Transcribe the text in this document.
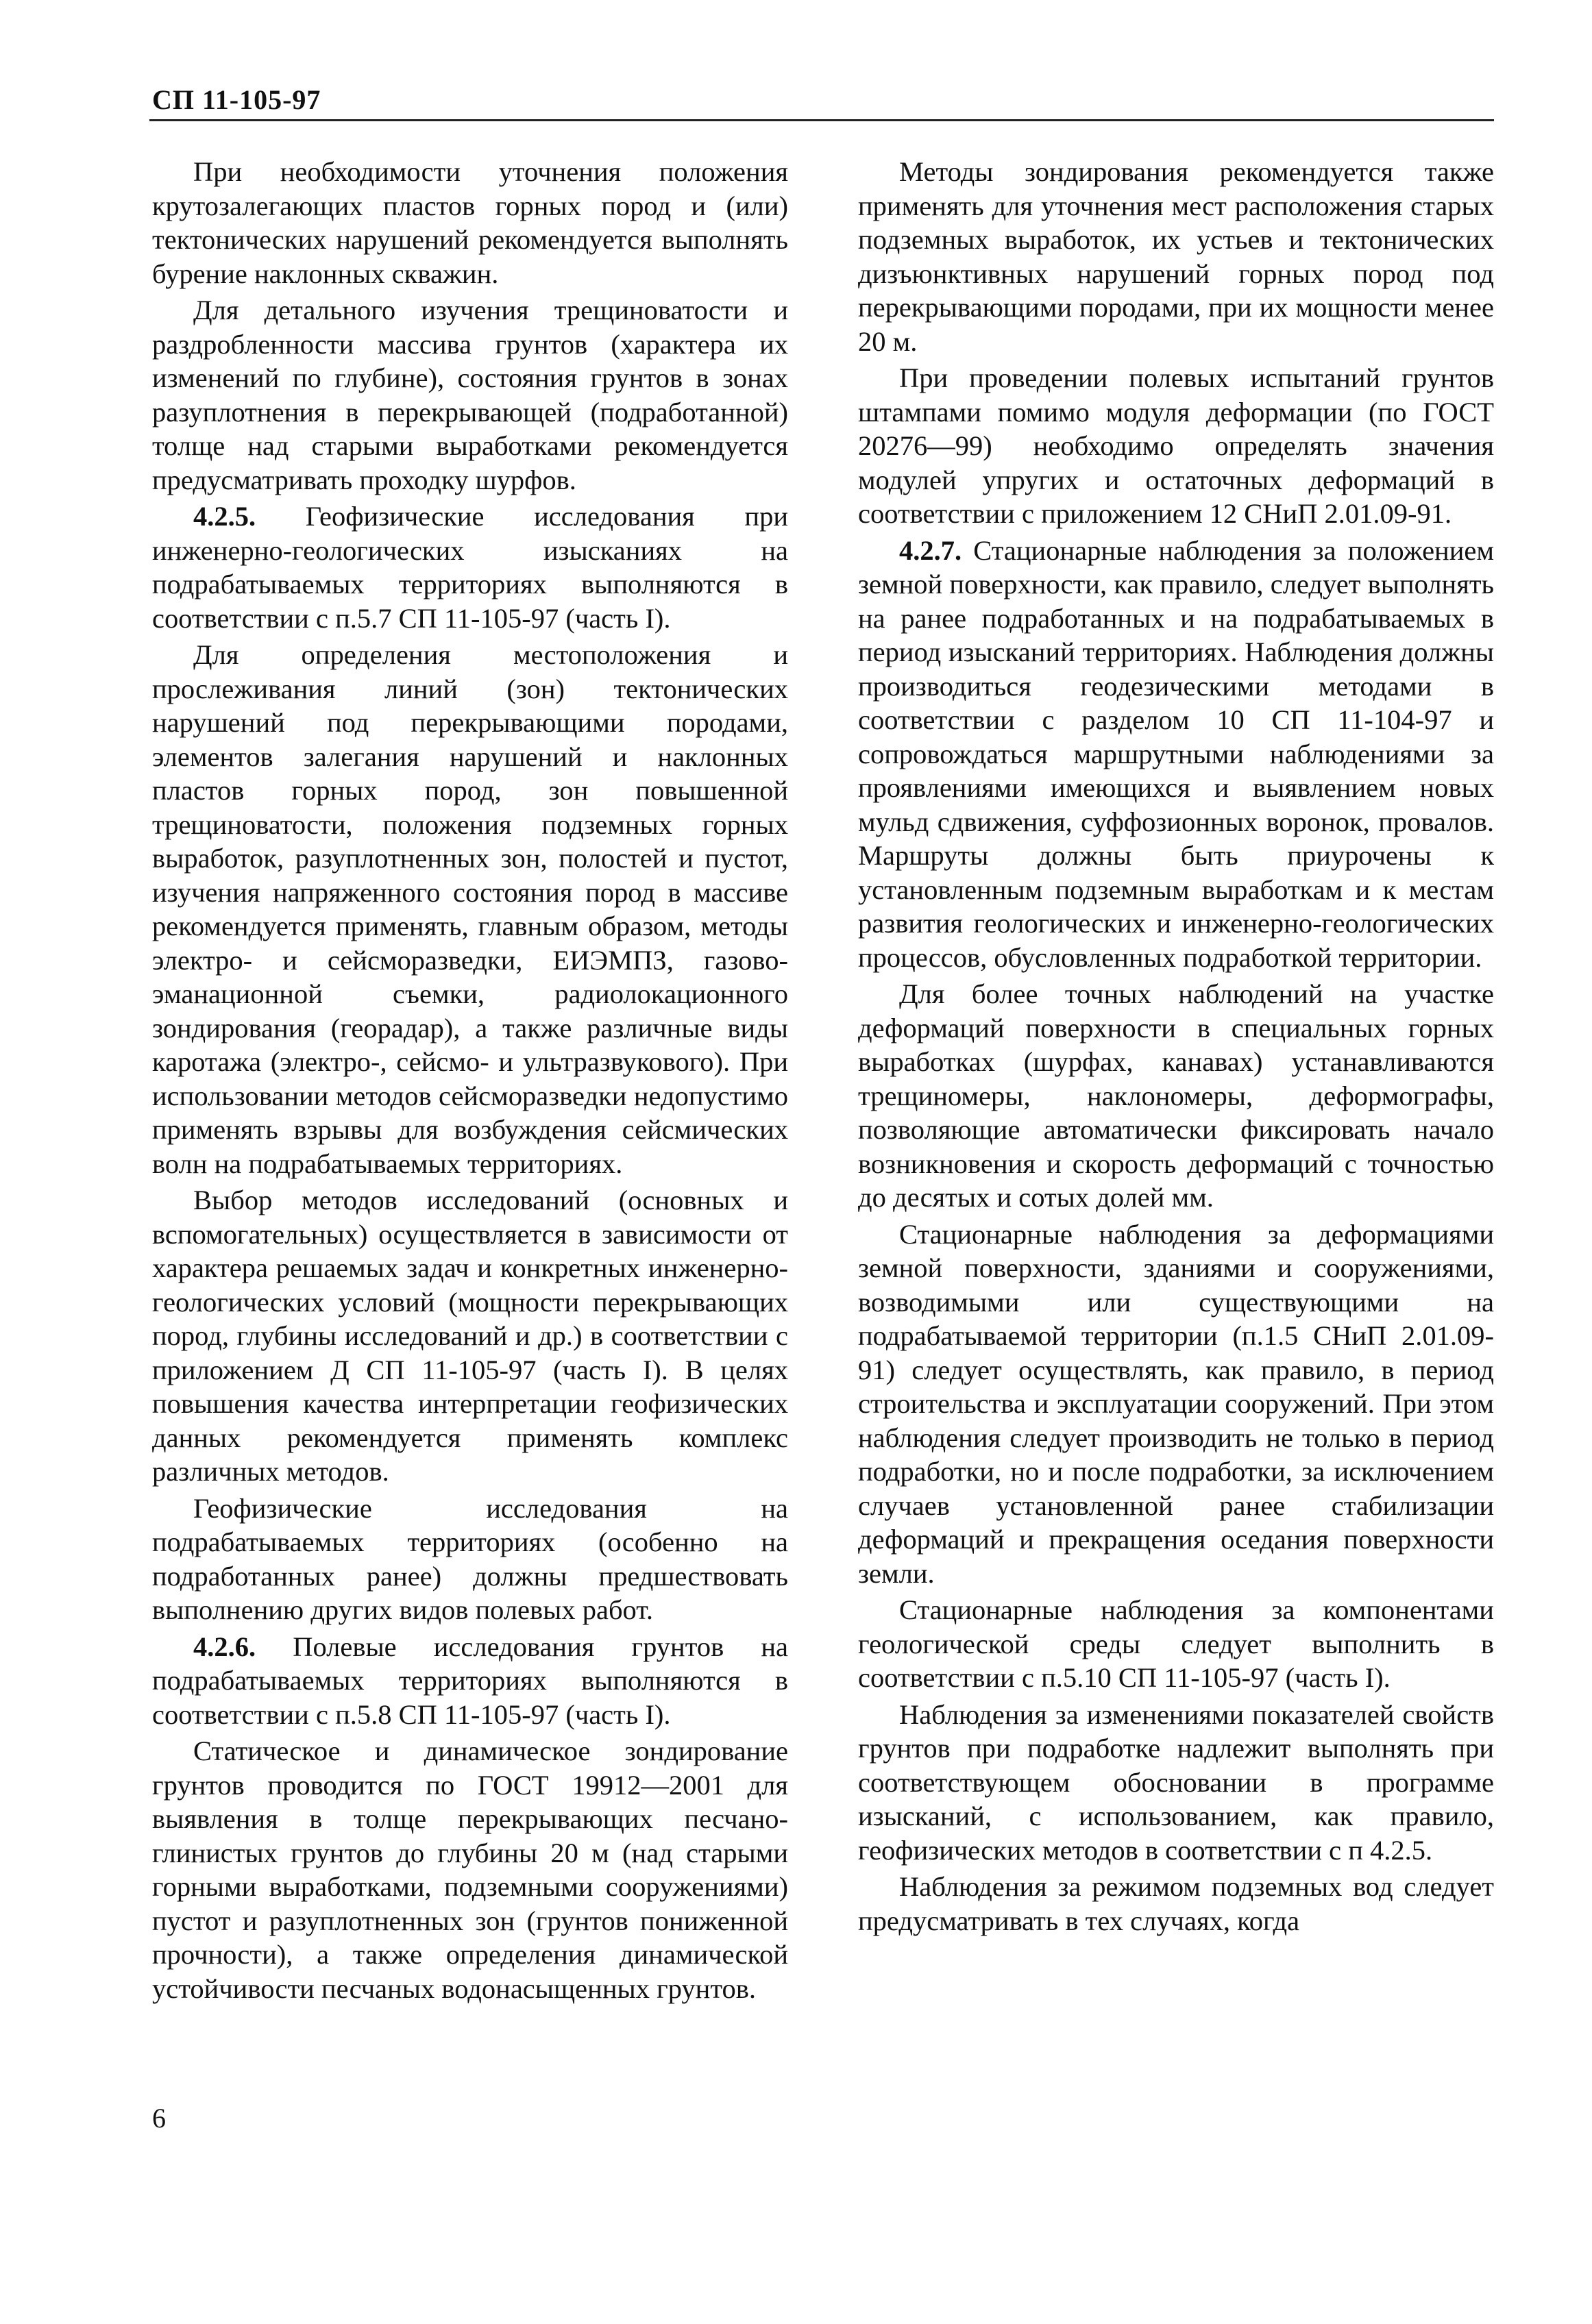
СП 11-105-97

При необходимости уточнения положения крутозалегающих пластов горных пород и (или) тектонических нарушений рекомендуется выполнять бурение наклонных скважин.

Для детального изучения трещиноватости и раздробленности массива грунтов (характера их изменений по глубине), состояния грунтов в зонах разуплотнения в перекрывающей (подработанной) толще над старыми выработками рекомендуется предусматривать проходку шурфов.

4.2.5. Геофизические исследования при инженерно-геологических изысканиях на подрабатываемых территориях выполняются в соответствии с п.5.7 СП 11-105-97 (часть I).

Для определения местоположения и прослеживания линий (зон) тектонических нарушений под перекрывающими породами, элементов залегания нарушений и наклонных пластов горных пород, зон повышенной трещиноватости, положения подземных горных выработок, разуплотненных зон, полостей и пустот, изучения напряженного состояния пород в массиве рекомендуется применять, главным образом, методы электро- и сейсморазведки, ЕИЭМПЗ, газово-эманационной съемки, радиолокационного зондирования (георадар), а также различные виды каротажа (электро-, сейсмо- и ультразвукового). При использовании методов сейсморазведки недопустимо применять взрывы для возбуждения сейсмических волн на подрабатываемых территориях.

Выбор методов исследований (основных и вспомогательных) осуществляется в зависимости от характера решаемых задач и конкретных инженерно-геологических условий (мощности перекрывающих пород, глубины исследований и др.) в соответствии с приложением Д СП 11-105-97 (часть I). В целях повышения качества интерпретации геофизических данных рекомендуется применять комплекс различных методов.

Геофизические исследования на подрабатываемых территориях (особенно на подработанных ранее) должны предшествовать выполнению других видов полевых работ.

4.2.6. Полевые исследования грунтов на подрабатываемых территориях выполняются в соответствии с п.5.8 СП 11-105-97 (часть I).

Статическое и динамическое зондирование грунтов проводится по ГОСТ 19912—2001 для выявления в толще перекрывающих песчано-глинистых грунтов до глубины 20 м (над старыми горными выработками, подземными сооружениями) пустот и разуплотненных зон (грунтов пониженной прочности), а также определения динамической устойчивости песчаных водонасыщенных грунтов.

Методы зондирования рекомендуется также применять для уточнения мест расположения старых подземных выработок, их устьев и тектонических дизъюнктивных нарушений горных пород под перекрывающими породами, при их мощности менее 20 м.

При проведении полевых испытаний грунтов штампами помимо модуля деформации (по ГОСТ 20276—99) необходимо определять значения модулей упругих и остаточных деформаций в соответствии с приложением 12 СНиП 2.01.09-91.

4.2.7. Стационарные наблюдения за положением земной поверхности, как правило, следует выполнять на ранее подработанных и на подрабатываемых в период изысканий территориях. Наблюдения должны производиться геодезическими методами в соответствии с разделом 10 СП 11-104-97 и сопровождаться маршрутными наблюдениями за проявлениями имеющихся и выявлением новых мульд сдвижения, суффозионных воронок, провалов. Маршруты должны быть приурочены к установленным подземным выработкам и к местам развития геологических и инженерно-геологических процессов, обусловленных подработкой территории.

Для более точных наблюдений на участке деформаций поверхности в специальных горных выработках (шурфах, канавах) устанавливаются трещиномеры, наклономеры, деформографы, позволяющие автоматически фиксировать начало возникновения и скорость деформаций с точностью до десятых и сотых долей мм.

Стационарные наблюдения за деформациями земной поверхности, зданиями и сооружениями, возводимыми или существующими на подрабатываемой территории (п.1.5 СНиП 2.01.09-91) следует осуществлять, как правило, в период строительства и эксплуатации сооружений. При этом наблюдения следует производить не только в период подработки, но и после подработки, за исключением случаев установленной ранее стабилизации деформаций и прекращения оседания поверхности земли.

Стационарные наблюдения за компонентами геологической среды следует выполнить в соответствии с п.5.10 СП 11-105-97 (часть I).

Наблюдения за изменениями показателей свойств грунтов при подработке надлежит выполнять при соответствующем обосновании в программе изысканий, с использованием, как правило, геофизических методов в соответствии с п 4.2.5.

Наблюдения за режимом подземных вод следует предусматривать в тех случаях, когда

6
